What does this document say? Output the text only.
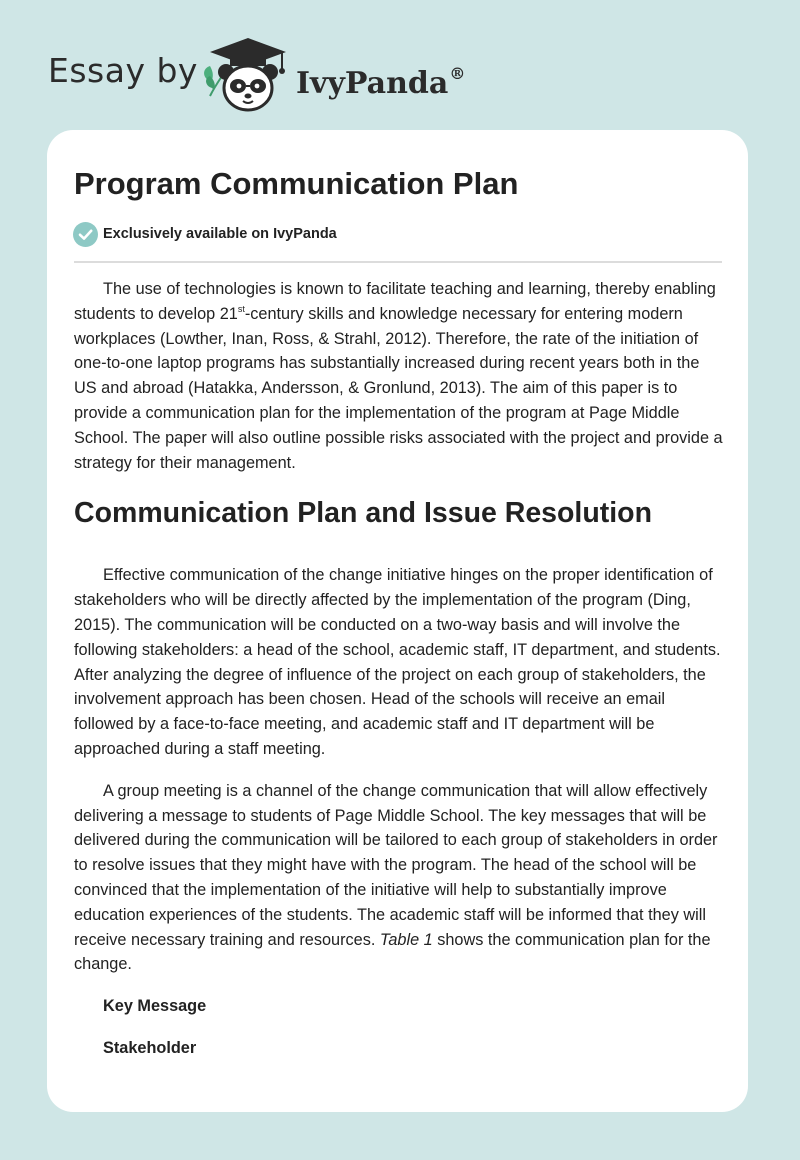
Essay by	IvyPanda®
Program Communication Plan
Exclusively available on IvyPanda

The use of technologies is known to facilitate teaching and learning, thereby enabling students to develop 21st-century skills and knowledge necessary for entering modern workplaces (Lowther, Inan, Ross, & Strahl, 2012). Therefore, the rate of the initiation of one-to-one laptop programs has substantially increased during recent years both in the US and abroad (Hatakka, Andersson, & Gronlund, 2013). The aim of this paper is to provide a communication plan for the implementation of the program at Page Middle School. The paper will also outline possible risks associated with the project and provide a strategy for their management.

Communication Plan and Issue Resolution

Effective communication of the change initiative hinges on the proper identification of stakeholders who will be directly affected by the implementation of the program (Ding, 2015). The communication will be conducted on a two-way basis and will involve the following stakeholders: a head of the school, academic staff, IT department, and students. After analyzing the degree of influence of the project on each group of stakeholders, the involvement approach has been chosen. Head of the schools will receive an email followed by a face-to-face meeting, and academic staff and IT department will be approached during a staff meeting.

A group meeting is a channel of the change communication that will allow effectively delivering a message to students of Page Middle School. The key messages that will be delivered during the communication will be tailored to each group of stakeholders in order to resolve issues that they might have with the program. The head of the school will be convinced that the implementation of the initiative will help to substantially improve education experiences of the students. The academic staff will be informed that they will receive necessary training and resources. Table 1 shows the communication plan for the change.

Key Message

Stakeholder
